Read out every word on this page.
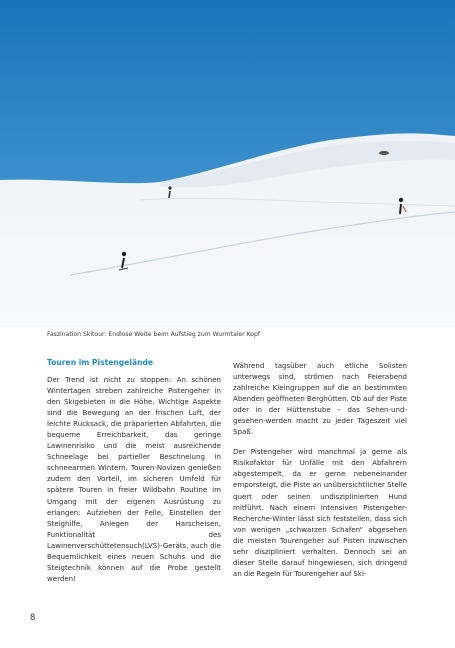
Faszination Skitour: Endlose Weite beim Aufstieg zum Wurmtaler Kopf
Touren im Pistengelände

Der Trend ist nicht zu stoppen: An schönen Wintertagen streben zahlreiche Pistengeher in den Skigebieten in die Höhe. Wichtige Aspekte sind die Bewegung an der frischen Luft, der leichte Rucksack, die präparierten Abfahrten, die bequeme Erreichbarkeit, das geringe Lawinenrisiko und die meist ausreichende Schneelage bei partieller Beschneiung in schneearmen Wintern. Touren-Novizen genießen zudem den Vorteil, im sicheren Umfeld für spätere Touren in freier Wildbahn Routine im Umgang mit der eigenen Ausrüstung zu erlangen: Aufziehen der Felle, Einstellen der Steighilfe, Anlegen der Harscheisen, Funktionalität des Lawinenverschüttetensuch(LVS)-Geräts, auch die Bequemlichkeit eines neuen Schuhs und die Steigtechnik können auf die Probe gestellt werden!

Während tagsüber auch etliche Solisten unterwegs sind, strömen nach Feierabend zahlreiche Kleingruppen auf die an bestimmten Abenden geöffneten Berghütten. Ob auf der Piste oder in der Hüttenstube – das Sehen-und-gesehen-werden macht zu jeder Tageszeit viel Spaß.

Der Pistengeher wird manchmal ja gerne als Risikofaktor für Unfälle mit den Abfahrern abgestempelt, da er gerne nebeneinander emporsteigt, die Piste an unübersichtlicher Stelle quert oder seinen undisziplinierten Hund mitführt. Nach einem intensiven Pistengeher-Recherche-Winter lässt sich feststellen, dass sich von wenigen „schwarzen Schafen“ abgesehen die meisten Tourengeher auf Pisten inzwischen sehr diszipliniert verhalten. Dennoch sei an dieser Stelle darauf hingewiesen, sich dringend an die Regeln für Tourengeher auf Ski-

8
